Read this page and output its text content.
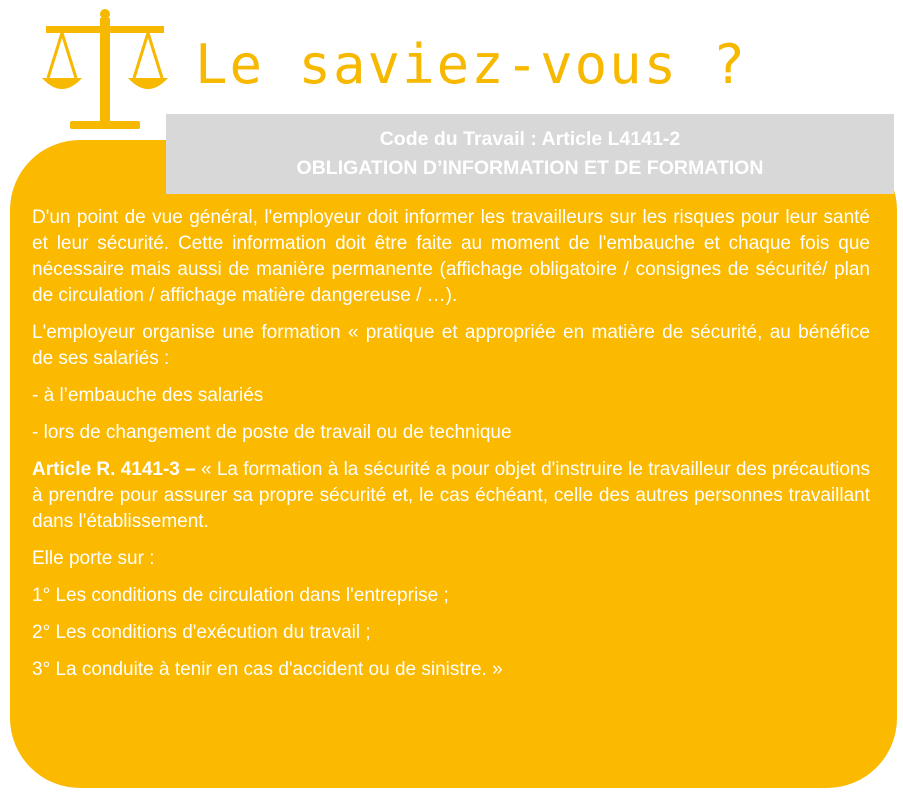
Le saviez-vous ?
Code du Travail : Article L4141-2
OBLIGATION D’INFORMATION ET DE FORMATION

D'un point de vue général, l'employeur doit informer les travailleurs sur les risques pour leur santé et leur sécurité. Cette information doit être faite au moment de l'embauche et chaque fois que nécessaire mais aussi de manière permanente (affichage obligatoire / consignes de sécurité/ plan de circulation / affichage matière dangereuse / …).

L'employeur organise une formation « pratique et appropriée en matière de sécurité, au bénéfice de ses salariés :

- à l’embauche des salariés

- lors de changement de poste de travail ou de technique

Article R. 4141-3 – « La formation à la sécurité a pour objet d'instruire le travailleur des précautions à prendre pour assurer sa propre sécurité et, le cas échéant, celle des autres personnes travaillant dans l'établissement.

Elle porte sur :

1° Les conditions de circulation dans l'entreprise ;

2° Les conditions d'exécution du travail ;

3° La conduite à tenir en cas d'accident ou de sinistre. »
